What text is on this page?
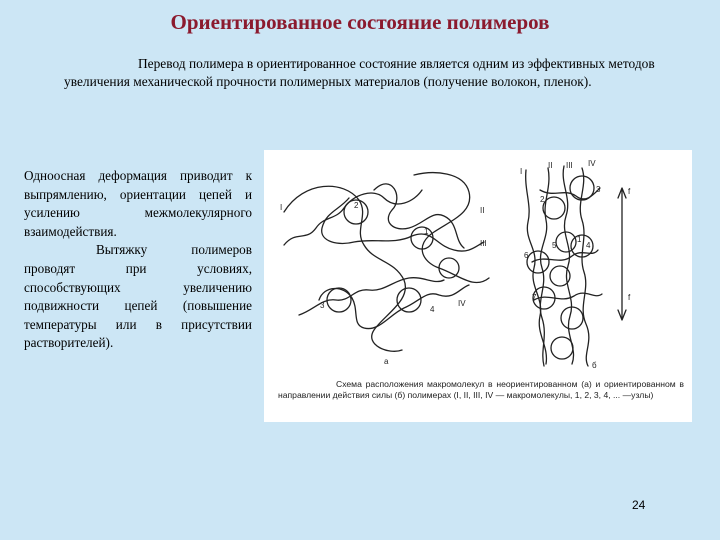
Ориентированное состояние полимеров
Перевод полимера в ориентированное состояние является одним из эффективных методов увеличения механической прочности полимерных материалов (получение волокон, пленок).

Одноосная деформация приводит к выпрямлению, ориентации цепей и усилению межмолекулярного взаимодействия.

Вытяжку полимеров проводят при условиях, способствующих увеличению подвижности цепей (повышение температуры или в присутствии растворителей).

I	II
III
IV
2
1
3	4
а
I
II III IV
3
2
1
5
6
4
7
б
f
f
Схема расположения макромолекул в неориентированном (а) и ориентированном в направлении действия силы (б) полимерах (I, II, III, IV — макромолекулы, 1, 2, 3, 4, ... —узлы)
24
